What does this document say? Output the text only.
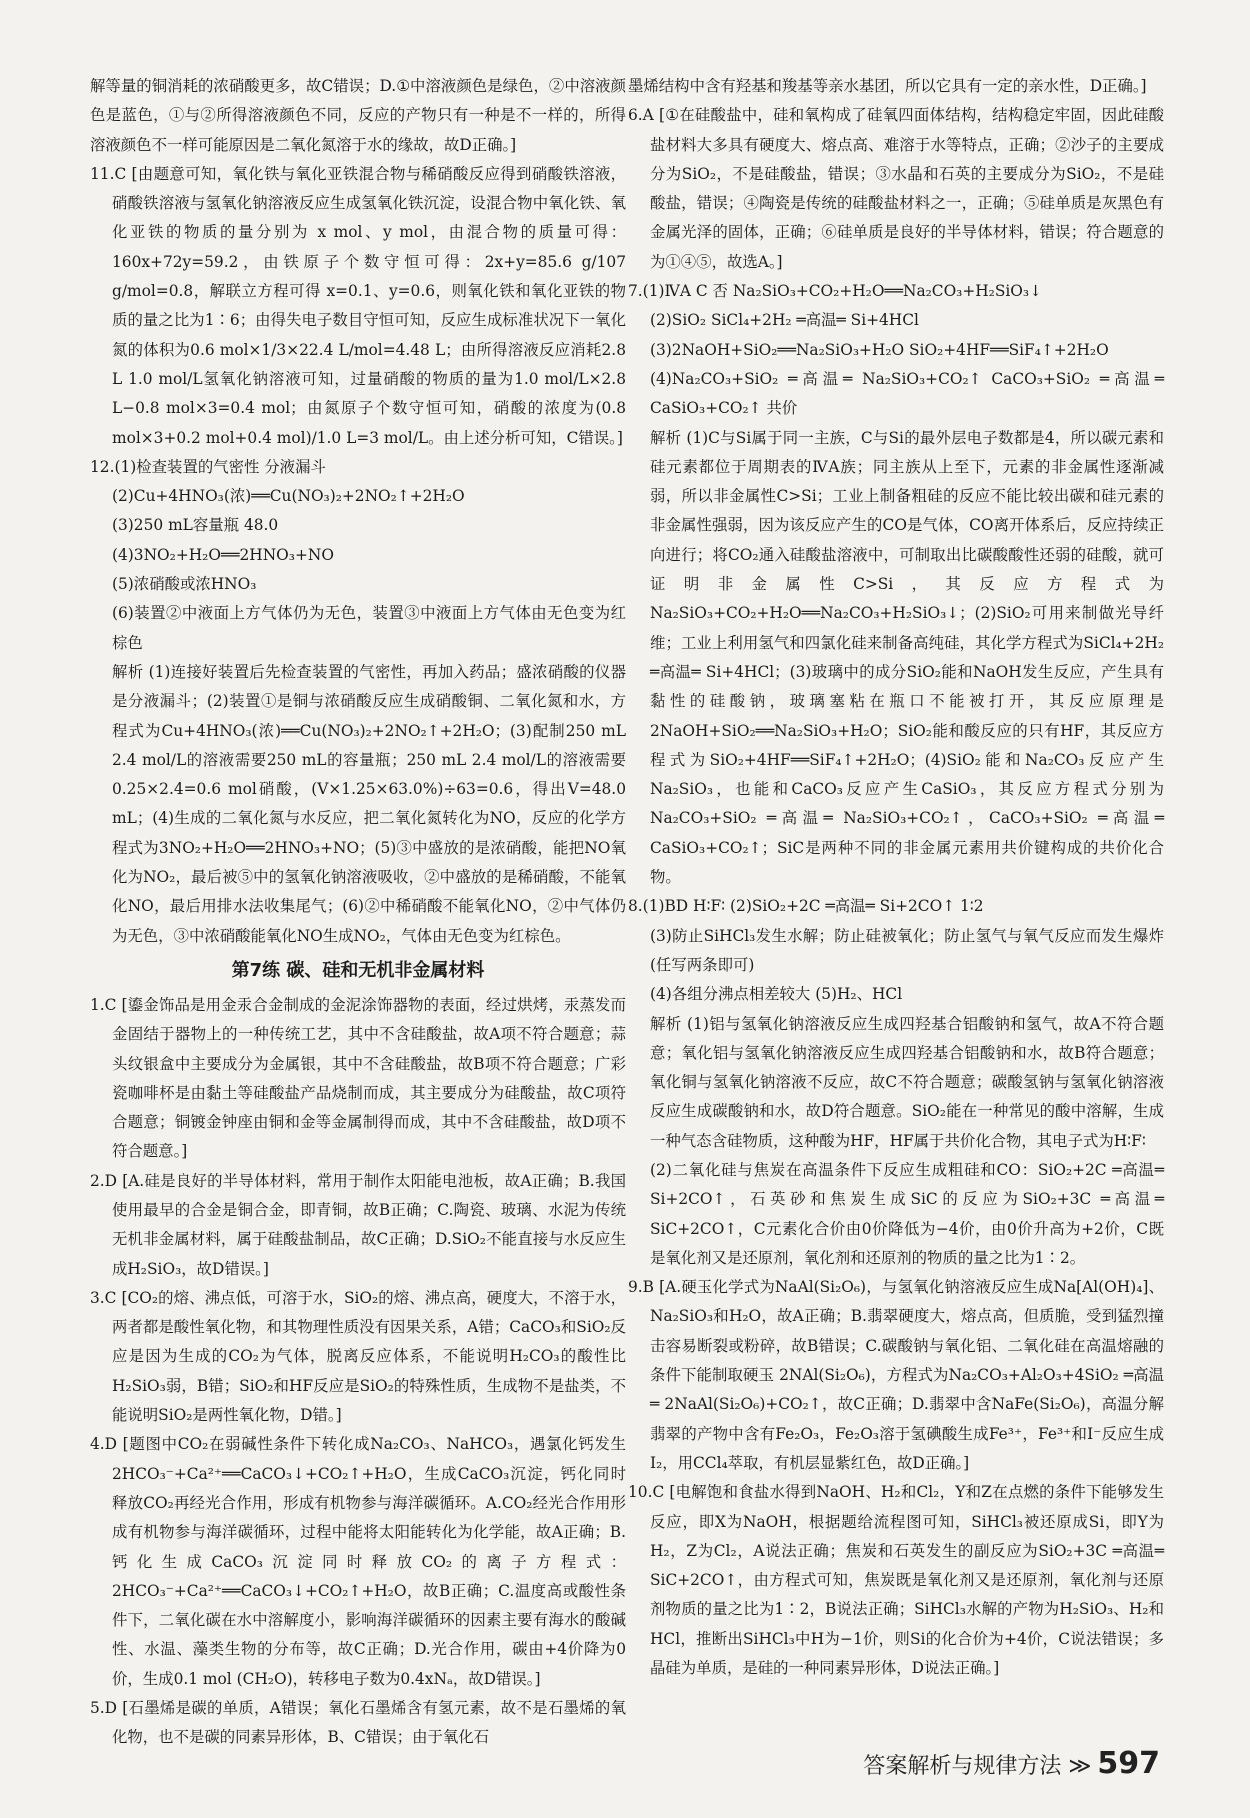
解等量的铜消耗的浓硝酸更多，故C错误；D.①中溶液颜色是绿色，②中溶液颜色是蓝色，①与②所得溶液颜色不同，反应的产物只有一种是不一样的，所得溶液颜色不一样可能原因是二氧化氮溶于水的缘故，故D正确。]

11.C [由题意可知，氧化铁与氧化亚铁混合物与稀硝酸反应得到硝酸铁溶液，硝酸铁溶液与氢氧化钠溶液反应生成氢氧化铁沉淀，设混合物中氧化铁、氧化亚铁的物质的量分别为 x mol、y mol，由混合物的质量可得：160x+72y=59.2，由铁原子个数守恒可得：2x+y=85.6 g/107 g/mol=0.8，解联立方程可得 x=0.1、y=0.6，则氧化铁和氧化亚铁的物质的量之比为1∶6；由得失电子数目守恒可知，反应生成标准状况下一氧化氮的体积为0.6 mol×1/3×22.4 L/mol=4.48 L；由所得溶液反应消耗2.8 L 1.0 mol/L氢氧化钠溶液可知，过量硝酸的物质的量为1.0 mol/L×2.8 L−0.8 mol×3=0.4 mol；由氮原子个数守恒可知，硝酸的浓度为(0.8 mol×3+0.2 mol+0.4 mol)/1.0 L=3 mol/L。由上述分析可知，C错误。]

12.(1)检查装置的气密性 分液漏斗

(2)Cu+4HNO₃(浓)══Cu(NO₃)₂+2NO₂↑+2H₂O

(3)250 mL容量瓶 48.0

(4)3NO₂+H₂O══2HNO₃+NO

(5)浓硝酸或浓HNO₃

(6)装置②中液面上方气体仍为无色，装置③中液面上方气体由无色变为红棕色

解析 (1)连接好装置后先检查装置的气密性，再加入药品；盛浓硝酸的仪器是分液漏斗；(2)装置①是铜与浓硝酸反应生成硝酸铜、二氧化氮和水，方程式为Cu+4HNO₃(浓)══Cu(NO₃)₂+2NO₂↑+2H₂O；(3)配制250 mL 2.4 mol/L的溶液需要250 mL的容量瓶；250 mL 2.4 mol/L的溶液需要0.25×2.4=0.6 mol硝酸，(V×1.25×63.0%)÷63=0.6，得出V=48.0 mL；(4)生成的二氧化氮与水反应，把二氧化氮转化为NO，反应的化学方程式为3NO₂+H₂O══2HNO₃+NO；(5)③中盛放的是浓硝酸，能把NO氧化为NO₂，最后被⑤中的氢氧化钠溶液吸收，②中盛放的是稀硝酸，不能氧化NO，最后用排水法收集尾气；(6)②中稀硝酸不能氧化NO，②中气体仍为无色，③中浓硝酸能氧化NO生成NO₂，气体由无色变为红棕色。

第7练 碳、硅和无机非金属材料

1.C [鎏金饰品是用金汞合金制成的金泥涂饰器物的表面，经过烘烤，汞蒸发而金固结于器物上的一种传统工艺，其中不含硅酸盐，故A项不符合题意；蒜头纹银盒中主要成分为金属银，其中不含硅酸盐，故B项不符合题意；广彩瓷咖啡杯是由黏土等硅酸盐产品烧制而成，其主要成分为硅酸盐，故C项符合题意；铜镀金钟座由铜和金等金属制得而成，其中不含硅酸盐，故D项不符合题意。]

2.D [A.硅是良好的半导体材料，常用于制作太阳能电池板，故A正确；B.我国使用最早的合金是铜合金，即青铜，故B正确；C.陶瓷、玻璃、水泥为传统无机非金属材料，属于硅酸盐制品，故C正确；D.SiO₂不能直接与水反应生成H₂SiO₃，故D错误。]

3.C [CO₂的熔、沸点低，可溶于水，SiO₂的熔、沸点高，硬度大，不溶于水，两者都是酸性氧化物，和其物理性质没有因果关系，A错；CaCO₃和SiO₂反应是因为生成的CO₂为气体，脱离反应体系，不能说明H₂CO₃的酸性比H₂SiO₃弱，B错；SiO₂和HF反应是SiO₂的特殊性质，生成物不是盐类，不能说明SiO₂是两性氧化物，D错。]

4.D [题图中CO₂在弱碱性条件下转化成Na₂CO₃、NaHCO₃，遇氯化钙发生2HCO₃⁻+Ca²⁺══CaCO₃↓+CO₂↑+H₂O，生成CaCO₃沉淀，钙化同时释放CO₂再经光合作用，形成有机物参与海洋碳循环。A.CO₂经光合作用形成有机物参与海洋碳循环，过程中能将太阳能转化为化学能，故A正确；B.钙化生成CaCO₃沉淀同时释放CO₂的离子方程式：2HCO₃⁻+Ca²⁺══CaCO₃↓+CO₂↑+H₂O，故B正确；C.温度高或酸性条件下，二氧化碳在水中溶解度小，影响海洋碳循环的因素主要有海水的酸碱性、水温、藻类生物的分布等，故C正确；D.光合作用，碳由+4价降为0价，生成0.1 mol (CH₂O)，转移电子数为0.4xNₐ，故D错误。]

5.D [石墨烯是碳的单质，A错误；氧化石墨烯含有氢元素，故不是石墨烯的氧化物，也不是碳的同素异形体，B、C错误；由于氧化石

墨烯结构中含有羟基和羧基等亲水基团，所以它具有一定的亲水性，D正确。]

6.A [①在硅酸盐中，硅和氧构成了硅氧四面体结构，结构稳定牢固，因此硅酸盐材料大多具有硬度大、熔点高、难溶于水等特点，正确；②沙子的主要成分为SiO₂，不是硅酸盐，错误；③水晶和石英的主要成分为SiO₂，不是硅酸盐，错误；④陶瓷是传统的硅酸盐材料之一，正确；⑤硅单质是灰黑色有金属光泽的固体，正确；⑥硅单质是良好的半导体材料，错误；符合题意的为①④⑤，故选A。]

7.(1)ⅣA C 否 Na₂SiO₃+CO₂+H₂O══Na₂CO₃+H₂SiO₃↓

(2)SiO₂ SiCl₄+2H₂ ═高温═ Si+4HCl

(3)2NaOH+SiO₂══Na₂SiO₃+H₂O SiO₂+4HF══SiF₄↑+2H₂O

(4)Na₂CO₃+SiO₂ ═高温═ Na₂SiO₃+CO₂↑ CaCO₃+SiO₂ ═高温═ CaSiO₃+CO₂↑ 共价

解析 (1)C与Si属于同一主族，C与Si的最外层电子数都是4，所以碳元素和硅元素都位于周期表的ⅣA族；同主族从上至下，元素的非金属性逐渐减弱，所以非金属性C>Si；工业上制备粗硅的反应不能比较出碳和硅元素的非金属性强弱，因为该反应产生的CO是气体，CO离开体系后，反应持续正向进行；将CO₂通入硅酸盐溶液中，可制取出比碳酸酸性还弱的硅酸，就可证明非金属性C>Si，其反应方程式为Na₂SiO₃+CO₂+H₂O══Na₂CO₃+H₂SiO₃↓；(2)SiO₂可用来制做光导纤维；工业上利用氢气和四氯化硅来制备高纯硅，其化学方程式为SiCl₄+2H₂ ═高温═ Si+4HCl；(3)玻璃中的成分SiO₂能和NaOH发生反应，产生具有黏性的硅酸钠，玻璃塞粘在瓶口不能被打开，其反应原理是2NaOH+SiO₂══Na₂SiO₃+H₂O；SiO₂能和酸反应的只有HF，其反应方程式为SiO₂+4HF══SiF₄↑+2H₂O；(4)SiO₂能和Na₂CO₃反应产生Na₂SiO₃，也能和CaCO₃反应产生CaSiO₃，其反应方程式分别为Na₂CO₃+SiO₂ ═高温═ Na₂SiO₃+CO₂↑，CaCO₃+SiO₂ ═高温═ CaSiO₃+CO₂↑；SiC是两种不同的非金属元素用共价键构成的共价化合物。

8.(1)BD H∶F∶ (2)SiO₂+2C ═高温═ Si+2CO↑ 1∶2

(3)防止SiHCl₃发生水解；防止硅被氧化；防止氢气与氧气反应而发生爆炸(任写两条即可)

(4)各组分沸点相差较大 (5)H₂、HCl

解析 (1)铝与氢氧化钠溶液反应生成四羟基合铝酸钠和氢气，故A不符合题意；氧化铝与氢氧化钠溶液反应生成四羟基合铝酸钠和水，故B符合题意；氧化铜与氢氧化钠溶液不反应，故C不符合题意；碳酸氢钠与氢氧化钠溶液反应生成碳酸钠和水，故D符合题意。SiO₂能在一种常见的酸中溶解，生成一种气态含硅物质，这种酸为HF，HF属于共价化合物，其电子式为H∶F∶

(2)二氧化硅与焦炭在高温条件下反应生成粗硅和CO：SiO₂+2C ═高温═ Si+2CO↑，石英砂和焦炭生成SiC的反应为SiO₂+3C ═高温═ SiC+2CO↑，C元素化合价由0价降低为−4价，由0价升高为+2价，C既是氧化剂又是还原剂，氧化剂和还原剂的物质的量之比为1∶2。

9.B [A.硬玉化学式为NaAl(Si₂O₆)，与氢氧化钠溶液反应生成Na[Al(OH)₄]、Na₂SiO₃和H₂O，故A正确；B.翡翠硬度大，熔点高，但质脆，受到猛烈撞击容易断裂或粉碎，故B错误；C.碳酸钠与氧化铝、二氧化硅在高温熔融的条件下能制取硬玉 2NAl(Si₂O₆)，方程式为Na₂CO₃+Al₂O₃+4SiO₂ ═高温═ 2NaAl(Si₂O₆)+CO₂↑，故C正确；D.翡翠中含NaFe(Si₂O₆)，高温分解翡翠的产物中含有Fe₂O₃，Fe₂O₃溶于氢碘酸生成Fe³⁺，Fe³⁺和I⁻反应生成I₂，用CCl₄萃取，有机层显紫红色，故D正确。]

10.C [电解饱和食盐水得到NaOH、H₂和Cl₂，Y和Z在点燃的条件下能够发生反应，即X为NaOH，根据题给流程图可知，SiHCl₃被还原成Si，即Y为H₂，Z为Cl₂，A说法正确；焦炭和石英发生的副反应为SiO₂+3C ═高温═ SiC+2CO↑，由方程式可知，焦炭既是氧化剂又是还原剂，氧化剂与还原剂物质的量之比为1∶2，B说法正确；SiHCl₃水解的产物为H₂SiO₃、H₂和HCl，推断出SiHCl₃中H为−1价，则Si的化合价为+4价，C说法错误；多晶硅为单质，是硅的一种同素异形体，D说法正确。]

答案解析与规律方法 ≫ 597
